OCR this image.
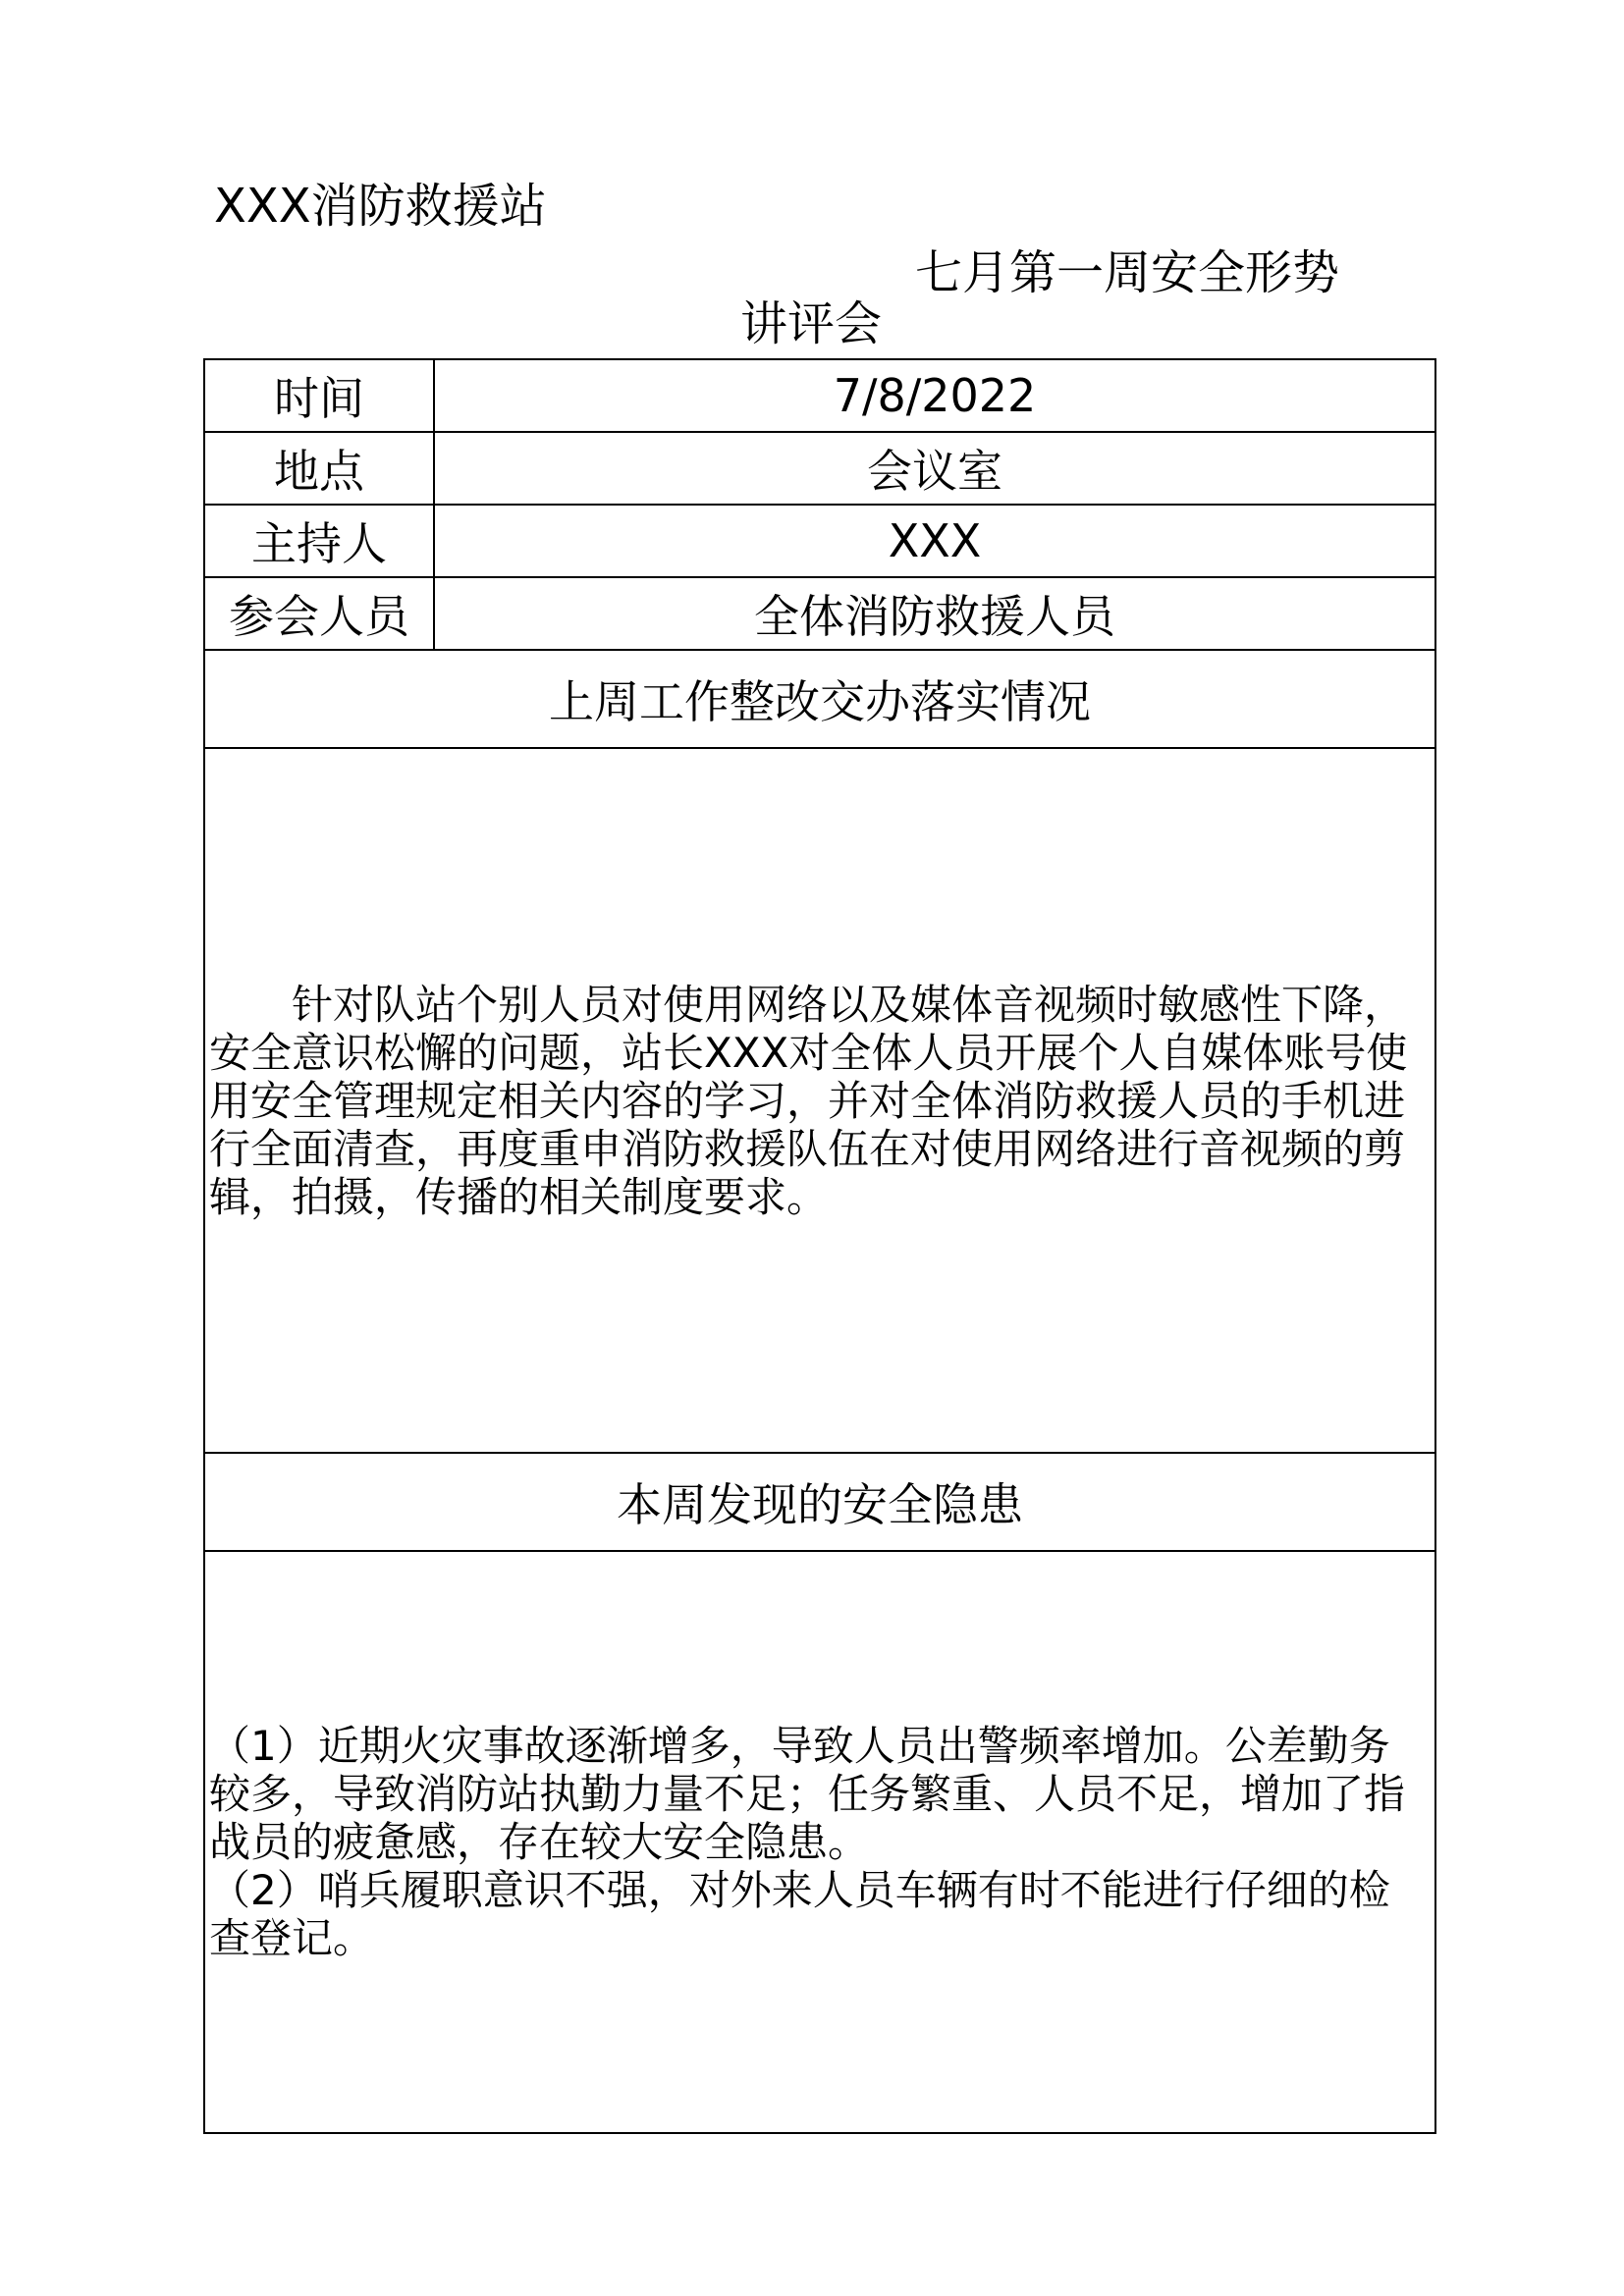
XXX消防救援站
七月第一周安全形势
讲评会
时间	7/8/2022
地点	会议室
主持人	XXX
参会人员	全体消防救援人员
上周工作整改交办落实情况	

针对队站个别人员对使用网络以及媒体音视频时敏感性下降，安全意识松懈的问题，站长XXX对全体人员开展个人自媒体账号使用安全管理规定相关内容的学习，并对全体消防救援人员的手机进行全面清查，再度重申消防救援队伍在对使用网络进行音视频的剪辑，拍摄，传播的相关制度要求。	

本周发现的安全隐患	

（1）近期火灾事故逐渐增多，导致人员出警频率增加。公差勤务较多，导致消防站执勤力量不足；任务繁重、人员不足，增加了指战员的疲惫感，存在较大安全隐患。

（2）哨兵履职意识不强，对外来人员车辆有时不能进行仔细的检查登记。	
